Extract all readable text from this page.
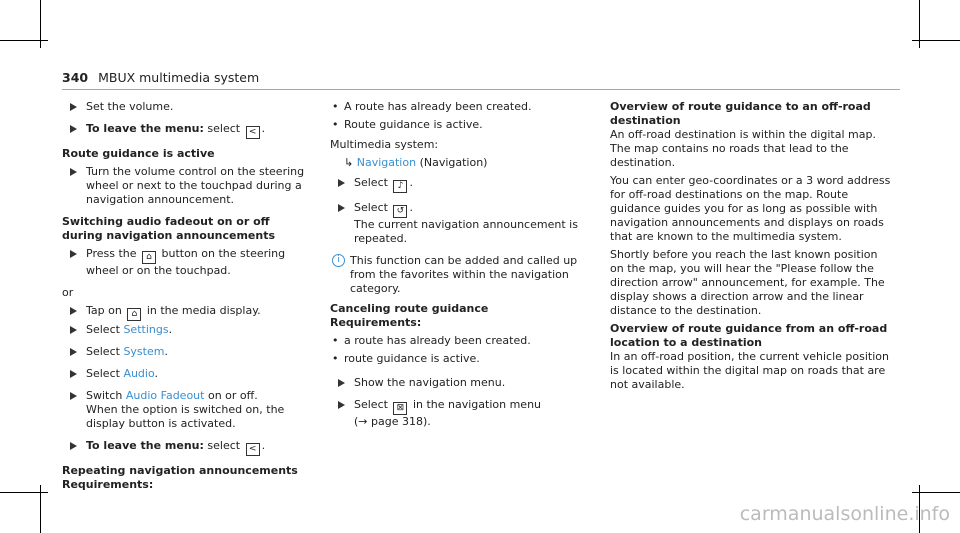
340 MBUX multimedia system
Set the volume.
To leave the menu: select < .
Route guidance is active
Turn the volume control on the steering wheel or next to the touchpad during a navigation announcement.
Switching audio fadeout on or off during navigation announcements
Press the ⌂ button on the steering wheel or on the touchpad.
or
Tap on ⌂ in the media display.
Select Settings.
Select System.
Select Audio.
Switch Audio Fadeout on or off.
When the option is switched on, the display button is activated.
To leave the menu: select < .
Repeating navigation announcements
Requirements:
• A route has already been created.
• Route guidance is active.
Multimedia system:
↳ Navigation (Navigation)
Select ♪ .
Select ↺ .
The current navigation announcement is repeated.
i This function can be added and called up from the favorites within the navigation category.
Canceling route guidance
Requirements:
• a route has already been created.
• route guidance is active.
Show the navigation menu.
Select ⊠ in the navigation menu
(→ page 318).
Overview of route guidance to an off-road destination
An off-road destination is within the digital map. The map contains no roads that lead to the destination.
You can enter geo-coordinates or a 3 word address for off-road destinations on the map. Route guidance guides you for as long as possible with navigation announcements and displays on roads that are known to the multimedia system.
Shortly before you reach the last known position on the map, you will hear the "Please follow the direction arrow" announcement, for example. The display shows a direction arrow and the linear distance to the destination.
Overview of route guidance from an off-road location to a destination
In an off-road position, the current vehicle position is located within the digital map on roads that are not available.
carmanualsonline.info
